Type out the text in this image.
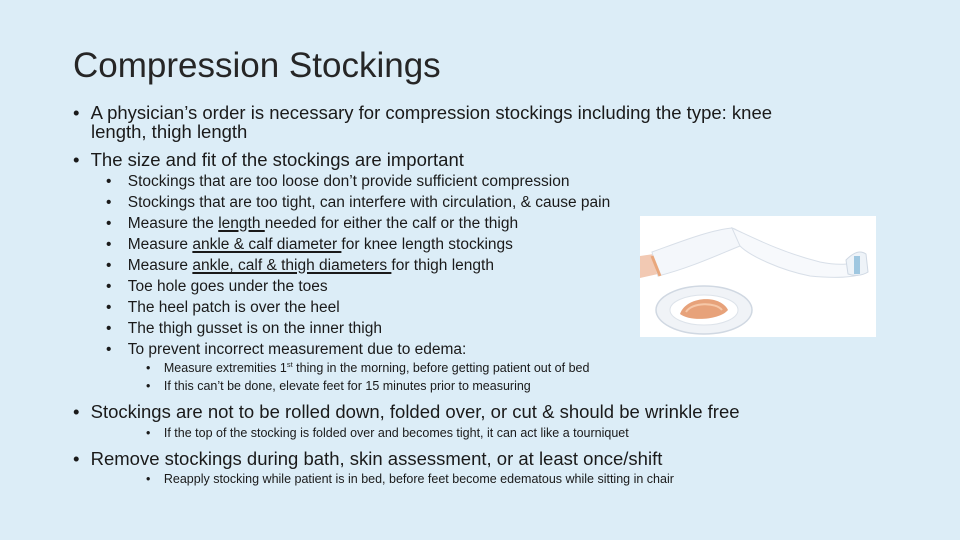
Compression Stockings
• A physician’s order is necessary for compression stockings including the type: knee
length, thigh length
• The size and fit of the stockings are important
• Stockings that are too loose don’t provide sufficient compression
• Stockings that are too tight, can interfere with circulation, & cause pain
• Measure the length needed for either the calf or the thigh
• Measure ankle & calf diameter for knee length stockings
• Measure ankle, calf & thigh diameters for thigh length
• Toe hole goes under the toes
• The heel patch is over the heel
• The thigh gusset is on the inner thigh
• To prevent incorrect measurement due to edema:
• Measure extremities 1st thing in the morning, before getting patient out of bed
• If this can’t be done, elevate feet for 15 minutes prior to measuring
• Stockings are not to be rolled down, folded over, or cut & should be wrinkle free
• If the top of the stocking is folded over and becomes tight, it can act like a tourniquet
• Remove stockings during bath, skin assessment, or at least once/shift
• Reapply stocking while patient is in bed, before feet become edematous while sitting in chair
